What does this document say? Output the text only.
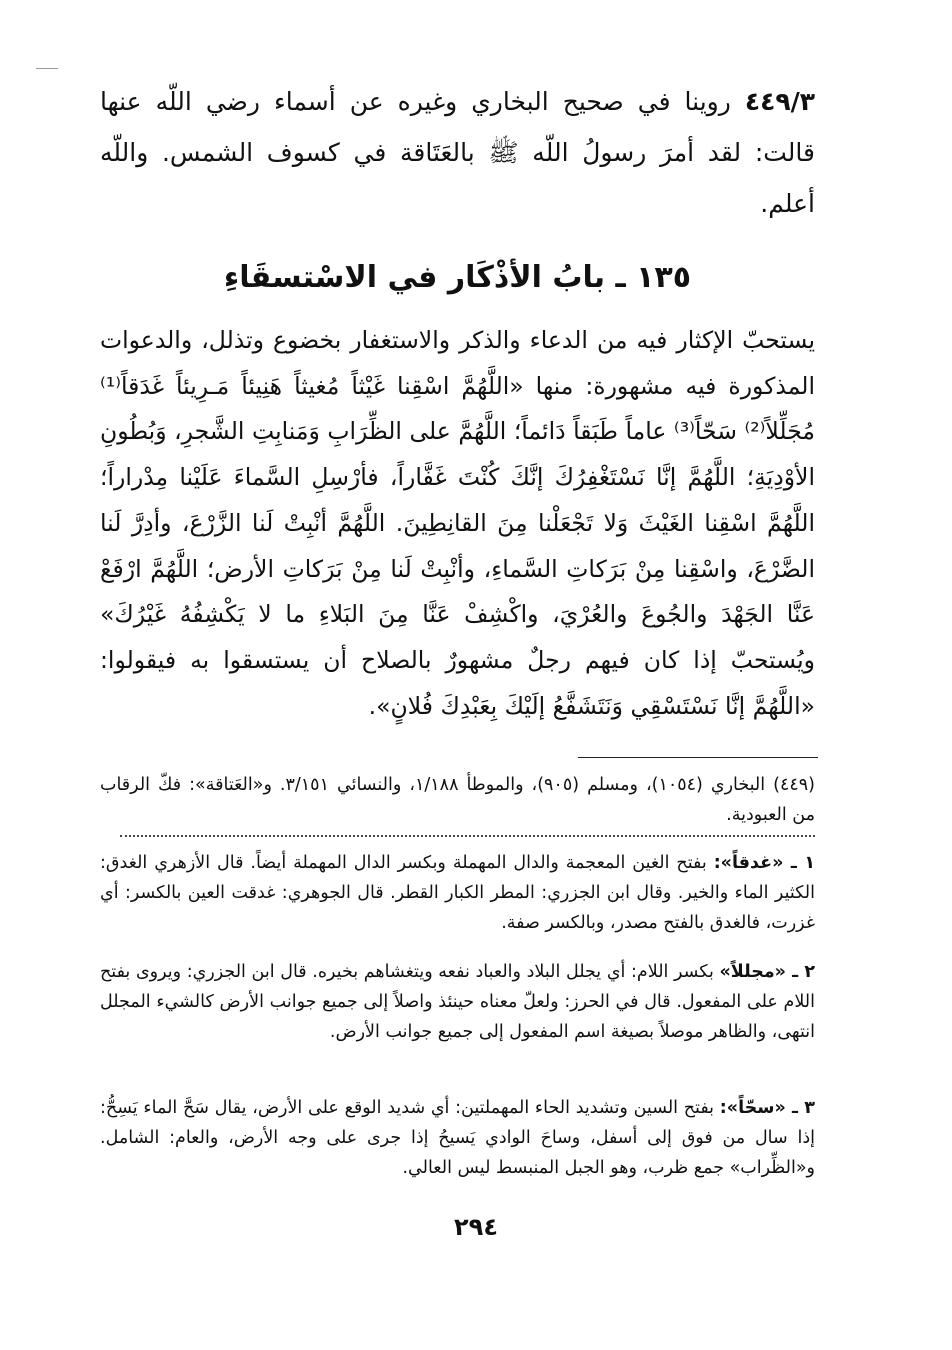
٤٤٩/٣ روينا في صحيح البخاري وغيره عن أسماء رضي اللّه عنها قالت: لقد أمرَ رسولُ اللّه ﷺ بالعَتَاقة في كسوف الشمس. واللّه أعلم.
١٣٥ ـ بابُ الأذْكَار في الاسْتسقَاءِ
يستحبّ الإكثار فيه من الدعاء والذكر والاستغفار بخضوع وتذلل، والدعوات المذكورة فيه مشهورة: منها «اللَّهُمَّ اسْقِنا غَيْثاً مُغيثاً هَنِيئاً مَـرِيئاً غَدَقاً⁽¹⁾ مُجَلِّلاً⁽²⁾ سَحّاً⁽³⁾ عاماً طَبَقاً دَائماً؛ اللَّهُمَّ على الظِّرَابِ وَمَنابِتِ الشَّجرِ، وَبُطُونِ الأوْدِيَةِ؛ اللَّهُمَّ إنَّا نَسْتَغْفِرُكَ إنَّكَ كُنْتَ غَفَّاراً، فأرْسِلِ السَّماءَ عَلَيْنا مِدْراراً؛ اللَّهُمَّ اسْقِنا الغَيْثَ وَلا تَجْعَلْنا مِنَ القانِطِينَ. اللَّهُمَّ أنْبِتْ لَنا الزَّرْعَ، وأدِرَّ لَنا الضَّرْعَ، واسْقِنا مِنْ بَرَكاتِ السَّماءِ، وأنْبِتْ لَنا مِنْ بَرَكاتِ الأرض؛ اللَّهُمَّ ارْفَعْ عَنَّا الجَهْدَ والجُوعَ والعُرْيَ، واكْشِفْ عَنَّا مِنَ البَلاءِ ما لا يَكْشِفُهُ غَيْرُكَ» ويُستحبّ إذا كان فيهم رجلٌ مشهورٌ بالصلاح أن يستسقوا به فيقولوا: «اللَّهُمَّ إنَّا نَسْتَسْقِي وَنَتَشَفَّعُ إلَيْكَ بِعَبْدِكَ فُلانٍ».
(٤٤٩) البخاري (١٠٥٤)، ومسلم (٩٠٥)، والموطأ ١/١٨٨، والنسائي ٣/١٥١. و«العَتاقة»: فكّ الرقاب من العبودية.
١ ـ «غدقاً»: بفتح الغين المعجمة والدال المهملة وبكسر الدال المهملة أيضاً. قال الأزهري الغدق: الكثير الماء والخير. وقال ابن الجزري: المطر الكبار القطر. قال الجوهري: غدقت العين بالكسر: أي غزرت، فالغدق بالفتح مصدر، وبالكسر صفة.
٢ ـ «مجللاً» بكسر اللام: أي يجلل البلاد والعباد نفعه ويتغشاهم بخيره. قال ابن الجزري: ويروى بفتح اللام على المفعول. قال في الحرز: ولعلّ معناه حينئذ واصلاً إلى جميع جوانب الأرض كالشيء المجلل انتهى، والظاهر موصلاً بصيغة اسم المفعول إلى جميع جوانب الأرض.
٣ ـ «سحّاً»: بفتح السين وتشديد الحاء المهملتين: أي شديد الوقع على الأرض، يقال سَحَّ الماء يَسِحُّ: إذا سال من فوق إلى أسفل، وساحَ الوادي يَسيحُ إذا جرى على وجه الأرض، والعام: الشامل. و«الظِّراب» جمع ظرب، وهو الجبل المنبسط ليس العالي.
٢٩٤
